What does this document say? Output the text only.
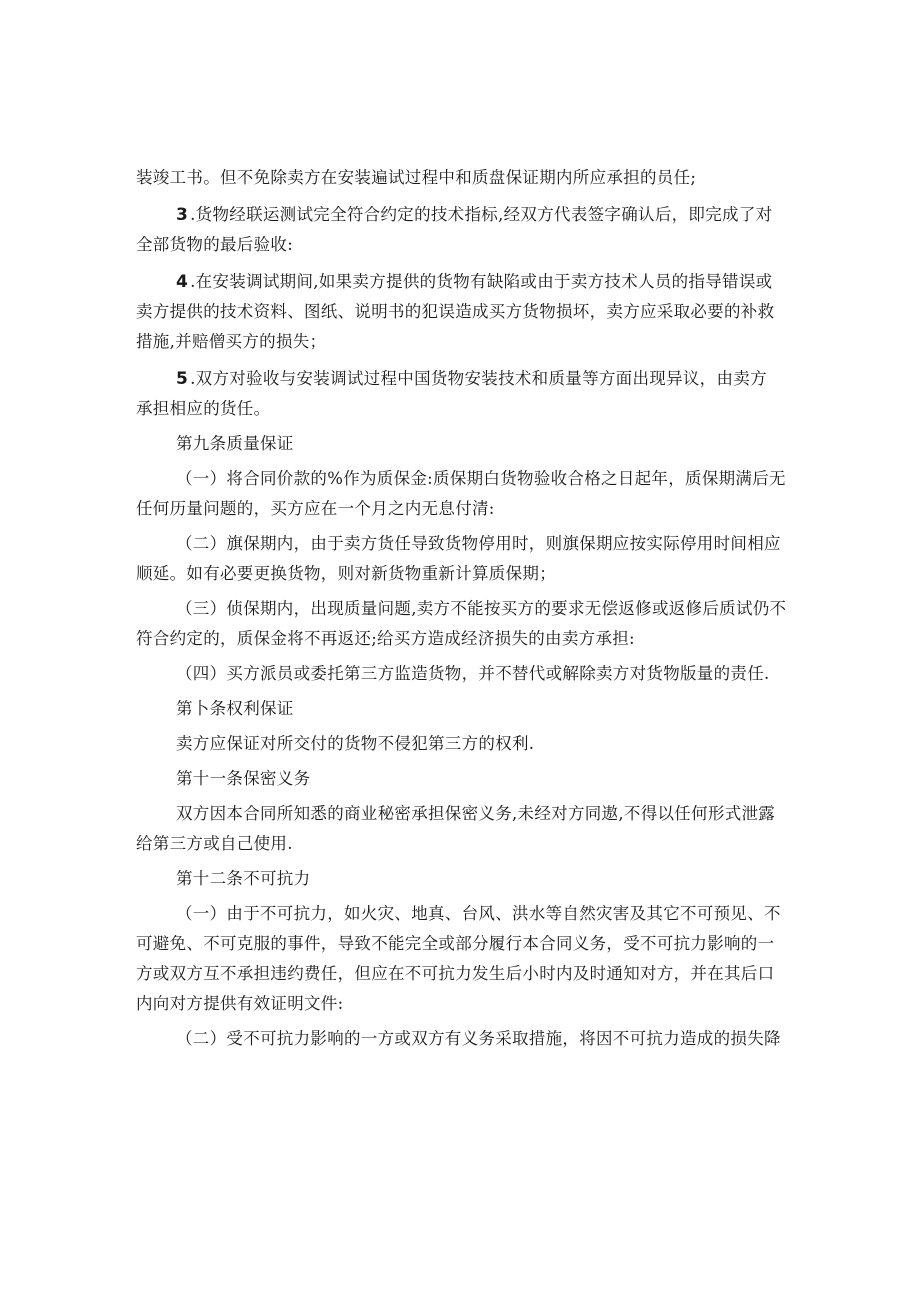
装竣工书。但不免除卖方在安装遍试过程中和质盘保证期内所应承担的员任;
3 .货物经联运测试完全符合约定的技术指标,经双方代表签字确认后，即完成了对
全部货物的最后验收:
4 .在安装调试期间,如果卖方提供的货物有缺陷或由于卖方技术人员的指导错误或
卖方提供的技术资料、图纸、说明书的犯误造成买方货物损坏，卖方应采取必要的补救
措施,并赔僧买方的损失；
5 .双方对验收与安装调试过程中国货物安装技术和质量等方面出现异议，由卖方
承担相应的货任。
第九条质量保证
（一）将合同价款的%作为质保金:质保期白货物验收合格之日起年，质保期满后无
任何历量问题的，买方应在一个月之内无息付清:
（二）旗保期内，由于卖方货任导致货物停用时，则旗保期应按实际停用时间相应
顺延。如有必要更换货物，则对新货物重新计算质保期；
（三）侦保期内，出现质量问题,卖方不能按买方的要求无偿返修或返修后质试仍不
符合约定的，质保金将不再返还;给买方造成经济损失的由卖方承担:
（四）买方派员或委托第三方监造货物，并不替代或解除卖方对货物版量的责任.
第卜条权利保证
卖方应保证对所交付的货物不侵犯第三方的权利.
第十一条保密义务
双方因本合同所知悉的商业秘密承担保密义务,未经对方同遨,不得以任何形式泄露
给第三方或自己使用.
第十二条不可抗力
（一）由于不可抗力，如火灾、地真、台风、洪水等自然灾害及其它不可预见、不
可避免、不可克服的事件，导致不能完全或部分履行本合同义务，受不可抗力影响的一
方或双方互不承担违约费任，但应在不可抗力发生后小时内及时通知对方，并在其后口
内向对方提供有效证明文件:
（二）受不可抗力影响的一方或双方有义务采取措施，将因不可抗力造成的损失降
